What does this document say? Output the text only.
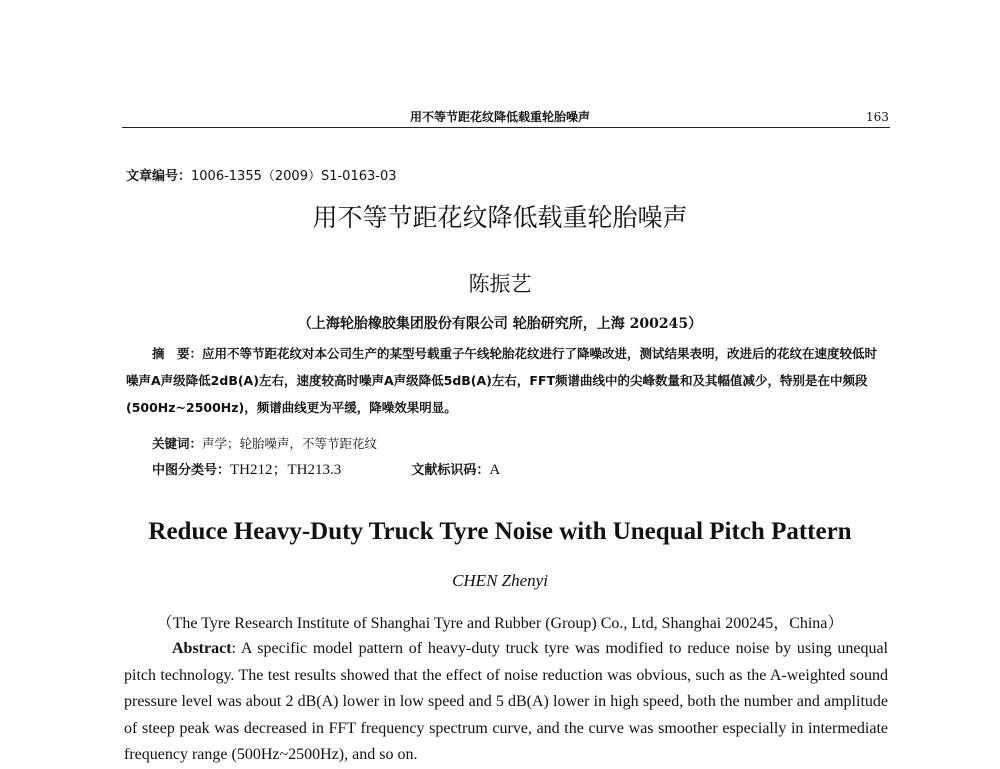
用不等节距花纹降低载重轮胎噪声	163
文章编号：1006-1355（2009）S1-0163-03
用不等节距花纹降低载重轮胎噪声
陈振艺
（上海轮胎橡胶集团股份有限公司 轮胎研究所，上海 200245）

摘　要：应用不等节距花纹对本公司生产的某型号载重子午线轮胎花纹进行了降噪改进，测试结果表明，改进后的花纹在速度较低时噪声A声级降低2dB(A)左右，速度较高时噪声A声级降低5dB(A)左右，FFT频谱曲线中的尖峰数量和及其幅值减少，特别是在中频段(500Hz~2500Hz)，频谱曲线更为平缓，降噪效果明显。

关键词：声学；轮胎噪声，不等节距花纹
中图分类号：TH212；TH213.3	文献标识码：A
Reduce Heavy-Duty Truck Tyre Noise with Unequal Pitch Pattern
CHEN Zhenyi
（The Tyre Research Institute of Shanghai Tyre and Rubber (Group) Co., Ltd, Shanghai 200245，China）

Abstract: A specific model pattern of heavy-duty truck tyre was modified to reduce noise by using unequal pitch technology. The test results showed that the effect of noise reduction was obvious, such as the A-weighted sound pressure level was about 2 dB(A) lower in low speed and 5 dB(A) lower in high speed, both the number and amplitude of steep peak was decreased in FFT frequency spectrum curve, and the curve was smoother especially in intermediate frequency range (500Hz~2500Hz), and so on.
